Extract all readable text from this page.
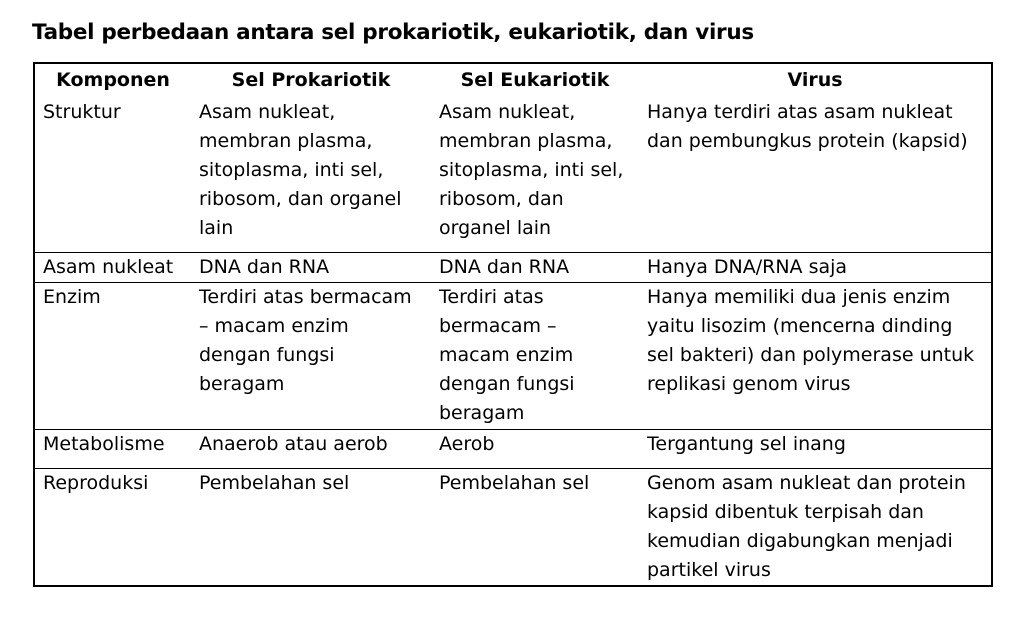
Tabel perbedaan antara sel prokariotik, eukariotik, dan virus
Komponen	Sel Prokariotik	Sel Eukariotik	Virus
Struktur	Asam nukleat, membran plasma, sitoplasma, inti sel, ribosom, dan organel lain	Asam nukleat, membran plasma, sitoplasma, inti sel, ribosom, dan organel lain	Hanya terdiri atas asam nukleat dan pembungkus protein (kapsid)
Asam nukleat	DNA dan RNA	DNA dan RNA	Hanya DNA/RNA saja
Enzim	Terdiri atas bermacam – macam enzim dengan fungsi beragam	Terdiri atas bermacam – macam enzim dengan fungsi beragam	Hanya memiliki dua jenis enzim yaitu lisozim (mencerna dinding sel bakteri) dan polymerase untuk replikasi genom virus
Metabolisme	Anaerob atau aerob	Aerob	Tergantung sel inang
Reproduksi	Pembelahan sel	Pembelahan sel	Genom asam nukleat dan protein kapsid dibentuk terpisah dan kemudian digabungkan menjadi partikel virus
